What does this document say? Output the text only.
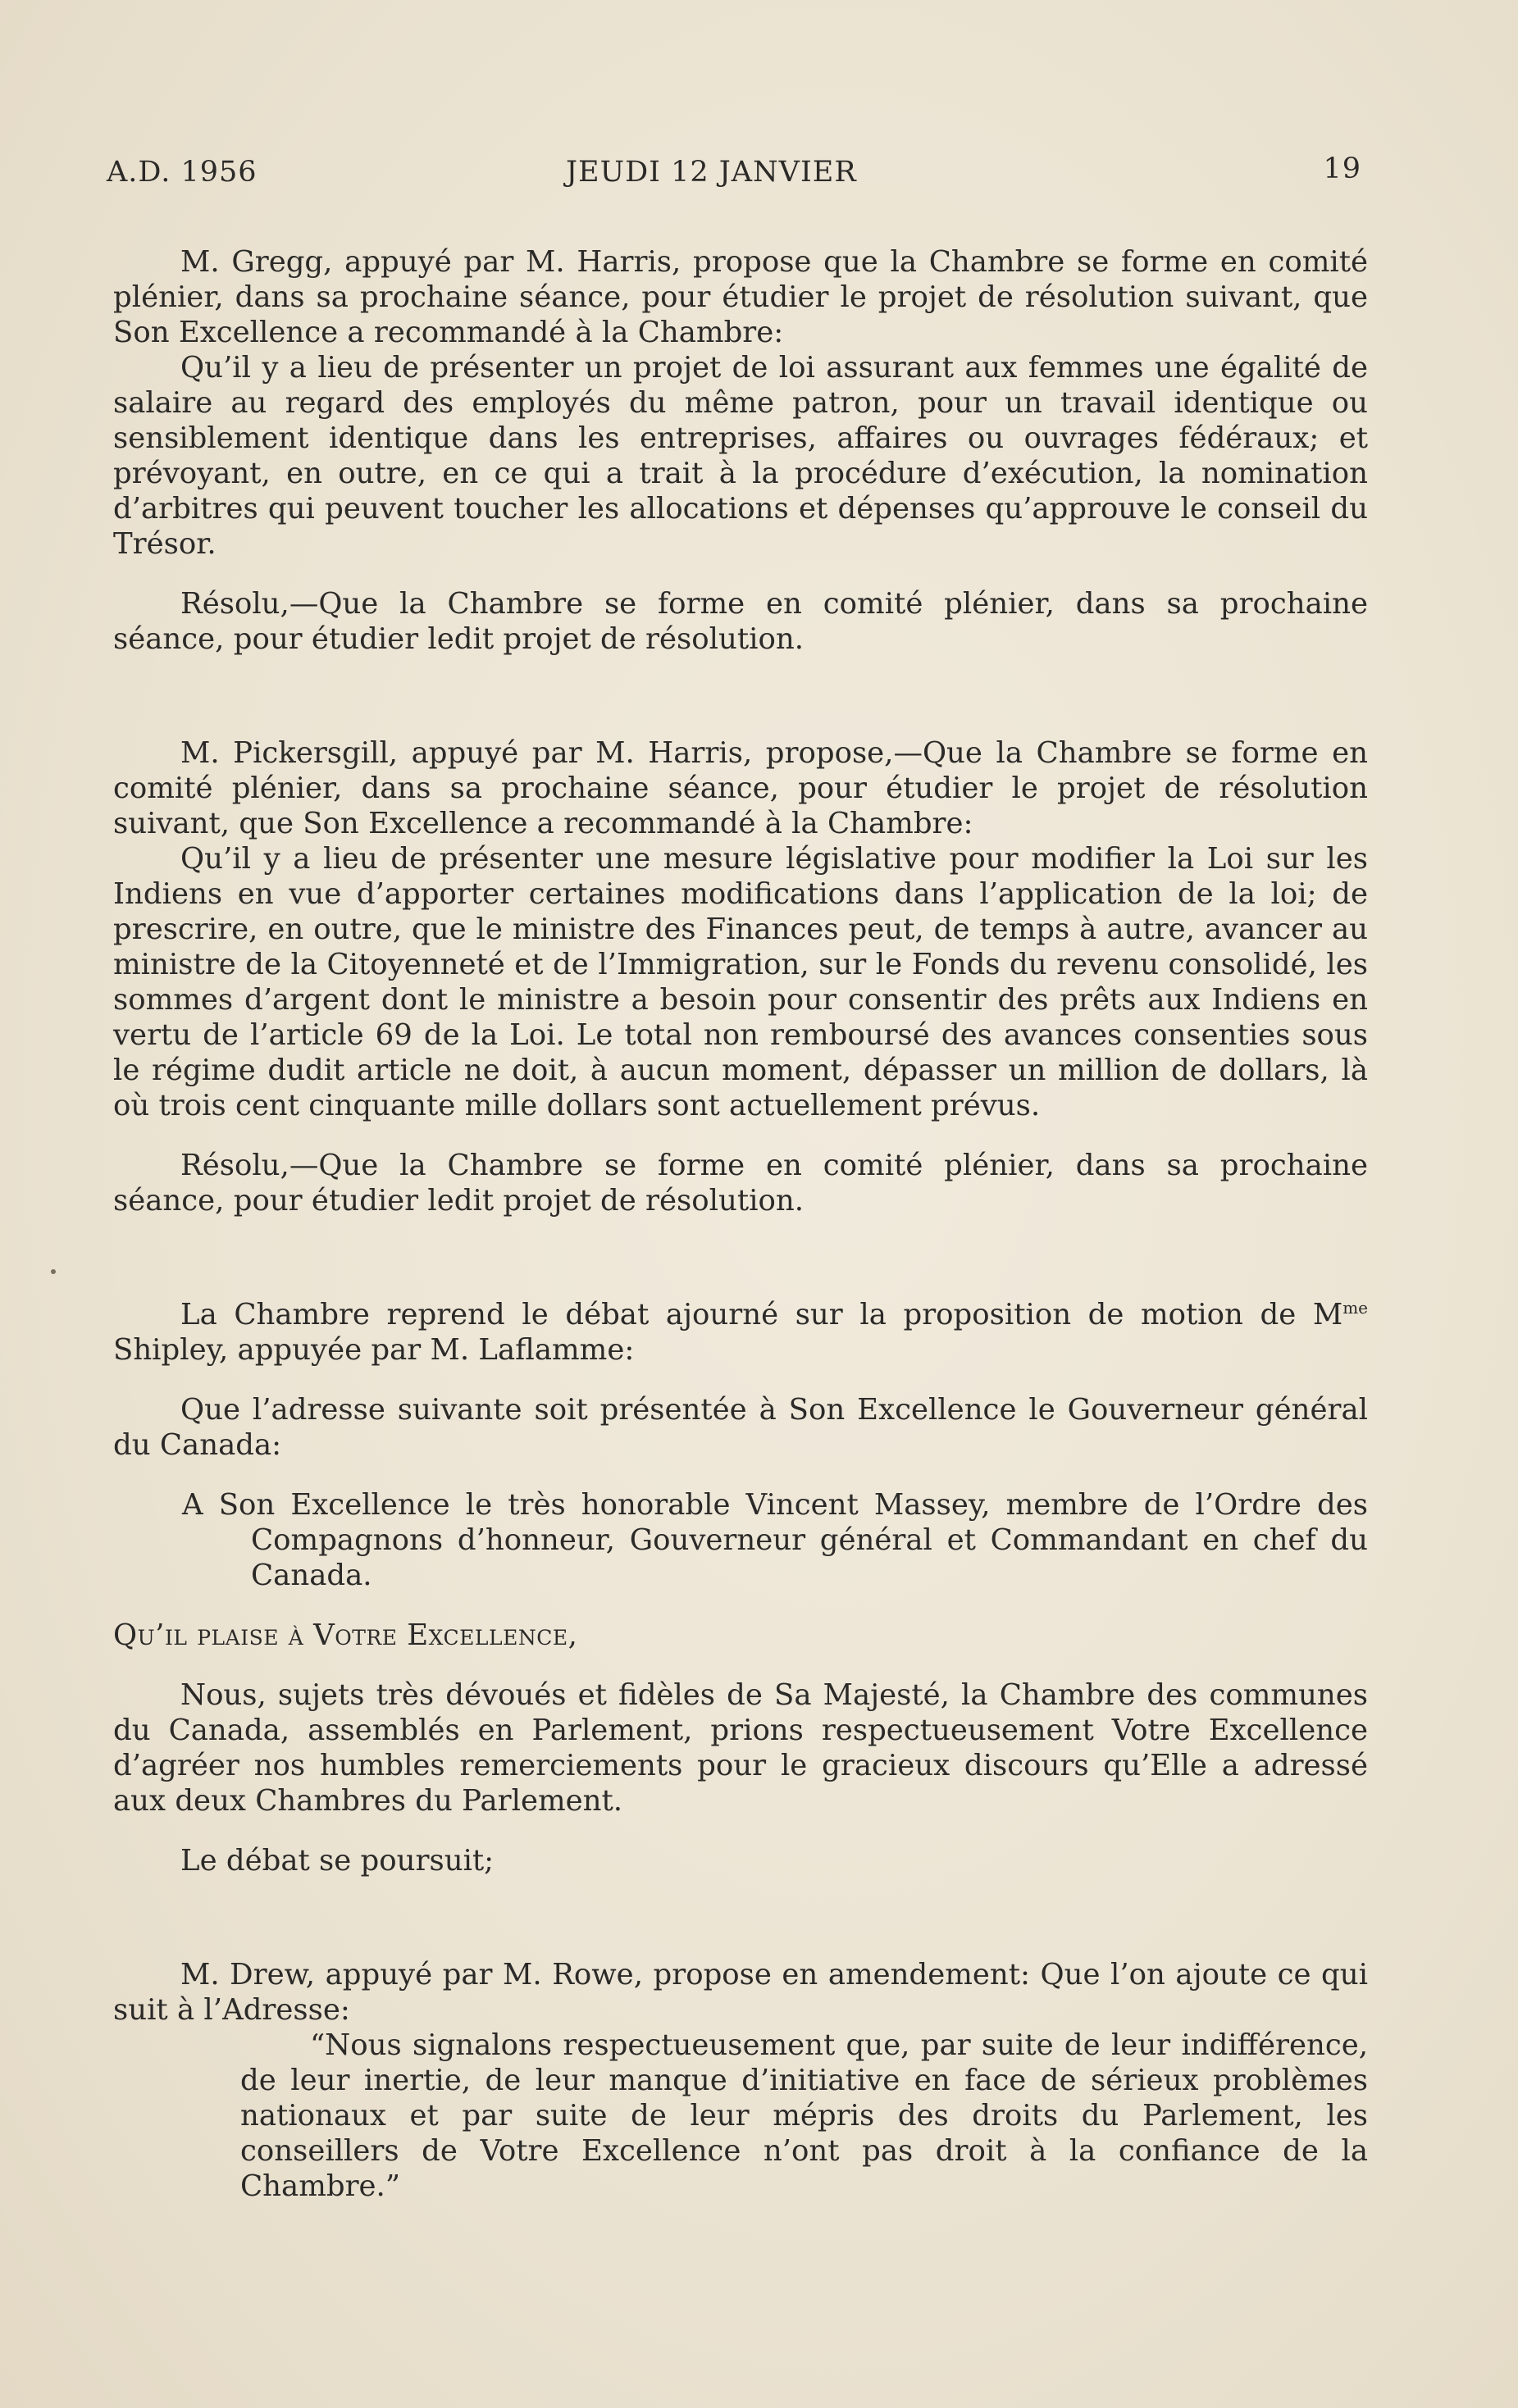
A.D. 1956	JEUDI 12 JANVIER	19

M. Gregg, appuyé par M. Harris, propose que la Chambre se forme en comité plénier, dans sa prochaine séance, pour étudier le projet de résolution suivant, que Son Excellence a recommandé à la Chambre:

Qu’il y a lieu de présenter un projet de loi assurant aux femmes une égalité de salaire au regard des employés du même patron, pour un travail identique ou sensiblement identique dans les entreprises, affaires ou ouvrages fédéraux; et prévoyant, en outre, en ce qui a trait à la procédure d’exécution, la nomination d’arbitres qui peuvent toucher les allocations et dépenses qu’approuve le conseil du Trésor.

Résolu,—Que la Chambre se forme en comité plénier, dans sa prochaine séance, pour étudier ledit projet de résolution.

M. Pickersgill, appuyé par M. Harris, propose,—Que la Chambre se forme en comité plénier, dans sa prochaine séance, pour étudier le projet de résolution suivant, que Son Excellence a recommandé à la Chambre:

Qu’il y a lieu de présenter une mesure législative pour modifier la Loi sur les Indiens en vue d’apporter certaines modifications dans l’application de la loi; de prescrire, en outre, que le ministre des Finances peut, de temps à autre, avancer au ministre de la Citoyenneté et de l’Immigration, sur le Fonds du revenu consolidé, les sommes d’argent dont le ministre a besoin pour consentir des prêts aux Indiens en vertu de l’article 69 de la Loi. Le total non remboursé des avances consenties sous le régime dudit article ne doit, à aucun moment, dépasser un million de dollars, là où trois cent cinquante mille dollars sont actuellement prévus.

Résolu,—Que la Chambre se forme en comité plénier, dans sa prochaine séance, pour étudier ledit projet de résolution.

La Chambre reprend le débat ajourné sur la proposition de motion de $M^{me}$ Shipley, appuyée par M. Laflamme:

Que l’adresse suivante soit présentée à Son Excellence le Gouverneur général du Canada:

A Son Excellence le très honorable Vincent Massey, membre de l’Ordre des Compagnons d’honneur, Gouverneur général et Commandant en chef du Canada.

Qu’il plaise à Votre Excellence,

Nous, sujets très dévoués et fidèles de Sa Majesté, la Chambre des communes du Canada, assemblés en Parlement, prions respectueusement Votre Excellence d’agréer nos humbles remerciements pour le gracieux discours qu’Elle a adressé aux deux Chambres du Parlement.

Le débat se poursuit;

M. Drew, appuyé par M. Rowe, propose en amendement: Que l’on ajoute ce qui suit à l’Adresse:

“Nous signalons respectueusement que, par suite de leur indifférence, de leur inertie, de leur manque d’initiative en face de sérieux problèmes nationaux et par suite de leur mépris des droits du Parlement, les conseillers de Votre Excellence n’ont pas droit à la confiance de la Chambre.”
